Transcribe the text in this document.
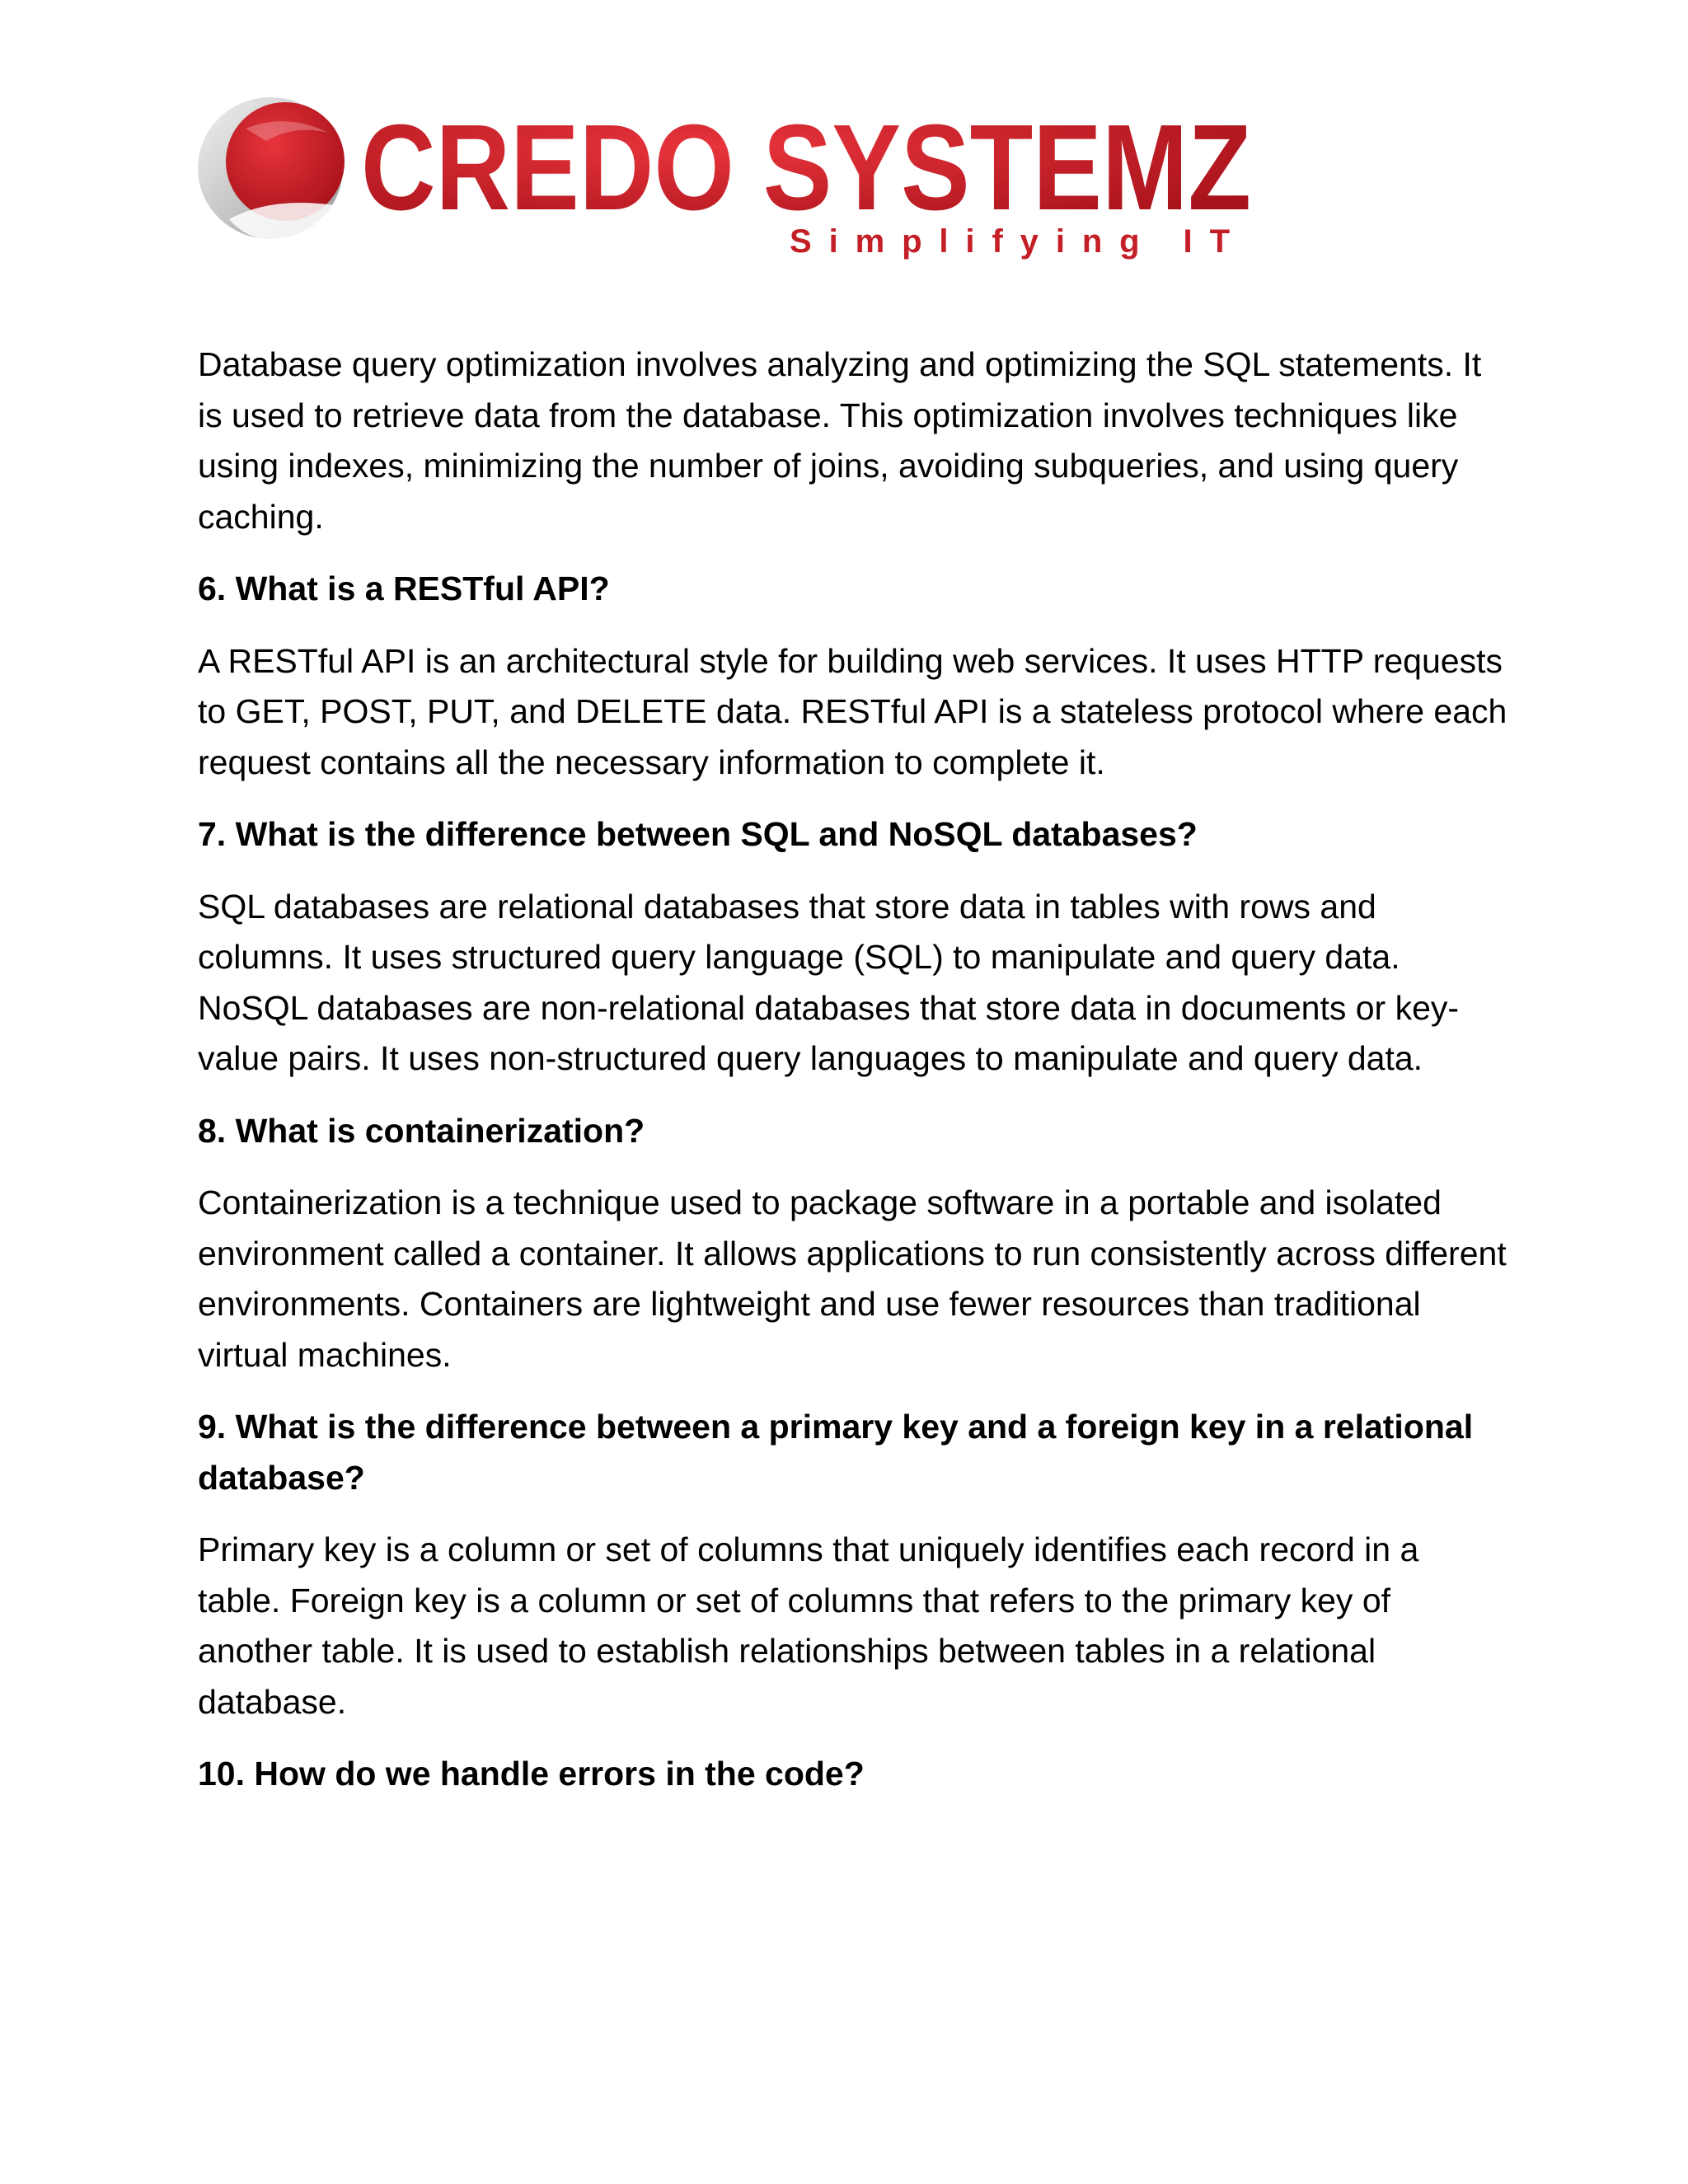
CREDO SYSTEMZ
Simplifying IT

Database query optimization involves analyzing and optimizing the SQL statements. It is used to retrieve data from the database. This optimization involves techniques like using indexes, minimizing the number of joins, avoiding subqueries, and using query caching.

6. What is a RESTful API?

A RESTful API is an architectural style for building web services. It uses HTTP requests to GET, POST, PUT, and DELETE data. RESTful API is a stateless protocol where each request contains all the necessary information to complete it.

7. What is the difference between SQL and NoSQL databases?

SQL databases are relational databases that store data in tables with rows and columns. It uses structured query language (SQL) to manipulate and query data. NoSQL databases are non-relational databases that store data in documents or key-value pairs. It uses non-structured query languages to manipulate and query data.

8. What is containerization?

Containerization is a technique used to package software in a portable and isolated environment called a container. It allows applications to run consistently across different environments. Containers are lightweight and use fewer resources than traditional virtual machines.

9. What is the difference between a primary key and a foreign key in a relational database?

Primary key is a column or set of columns that uniquely identifies each record in a table. Foreign key is a column or set of columns that refers to the primary key of another table. It is used to establish relationships between tables in a relational database.

10. How do we handle errors in the code?
